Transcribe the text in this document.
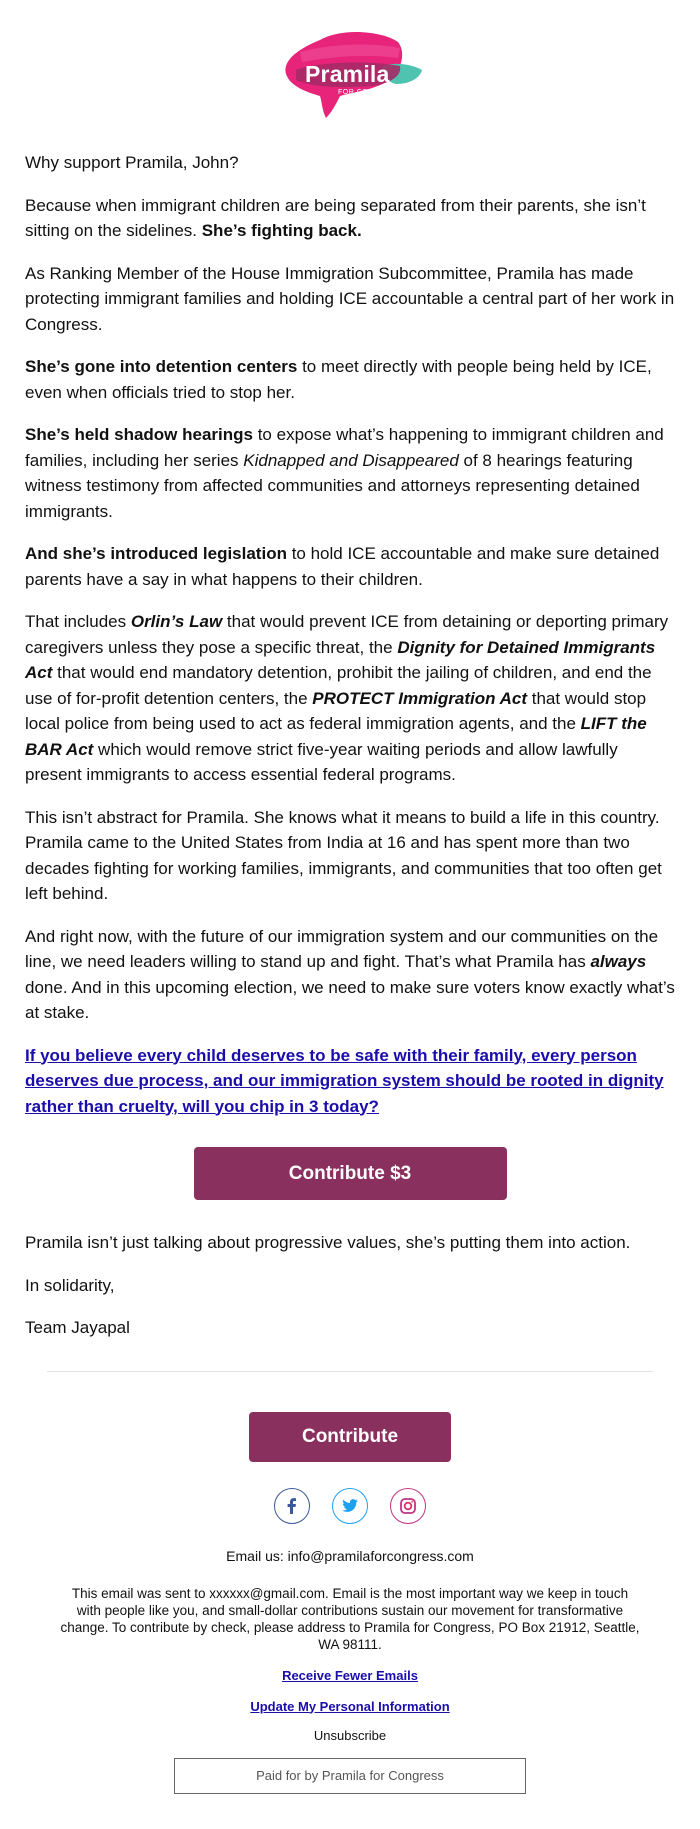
Pramila
FOR CONGRESS

Why support Pramila, John?

Because when immigrant children are being separated from their parents, she isn’t sitting on the sidelines. She’s fighting back.

As Ranking Member of the House Immigration Subcommittee, Pramila has made protecting immigrant families and holding ICE accountable a central part of her work in Congress.

She’s gone into detention centers to meet directly with people being held by ICE, even when officials tried to stop her.

She’s held shadow hearings to expose what’s happening to immigrant children and families, including her series Kidnapped and Disappeared of 8 hearings featuring witness testimony from affected communities and attorneys representing detained immigrants.

And she’s introduced legislation to hold ICE accountable and make sure detained parents have a say in what happens to their children.

That includes Orlin’s Law that would prevent ICE from detaining or deporting primary caregivers unless they pose a specific threat, the Dignity for Detained Immigrants Act that would end mandatory detention, prohibit the jailing of children, and end the use of for-profit detention centers, the PROTECT Immigration Act that would stop local police from being used to act as federal immigration agents, and the LIFT the BAR Act which would remove strict five-year waiting periods and allow lawfully present immigrants to access essential federal programs.

This isn’t abstract for Pramila. She knows what it means to build a life in this country. Pramila came to the United States from India at 16 and has spent more than two decades fighting for working families, immigrants, and communities that too often get left behind.

And right now, with the future of our immigration system and our communities on the line, we need leaders willing to stand up and fight. That’s what Pramila has always done. And in this upcoming election, we need to make sure voters know exactly what’s at stake.

If you believe every child deserves to be safe with their family, every person deserves due process, and our immigration system should be rooted in dignity rather than cruelty, will you chip in 3 today?

Contribute $3

Pramila isn’t just talking about progressive values, she’s putting them into action.

In solidarity,

Team Jayapal

Contribute

Email us: info@pramilaforcongress.com
This email was sent to xxxxxx@gmail.com. Email is the most important way we keep in touch with people like you, and small-dollar contributions sustain our movement for transformative change. To contribute by check, please address to Pramila for Congress, PO Box 21912, Seattle, WA 98111.
Receive Fewer Emails
Update My Personal Information
Unsubscribe
Paid for by Pramila for Congress
